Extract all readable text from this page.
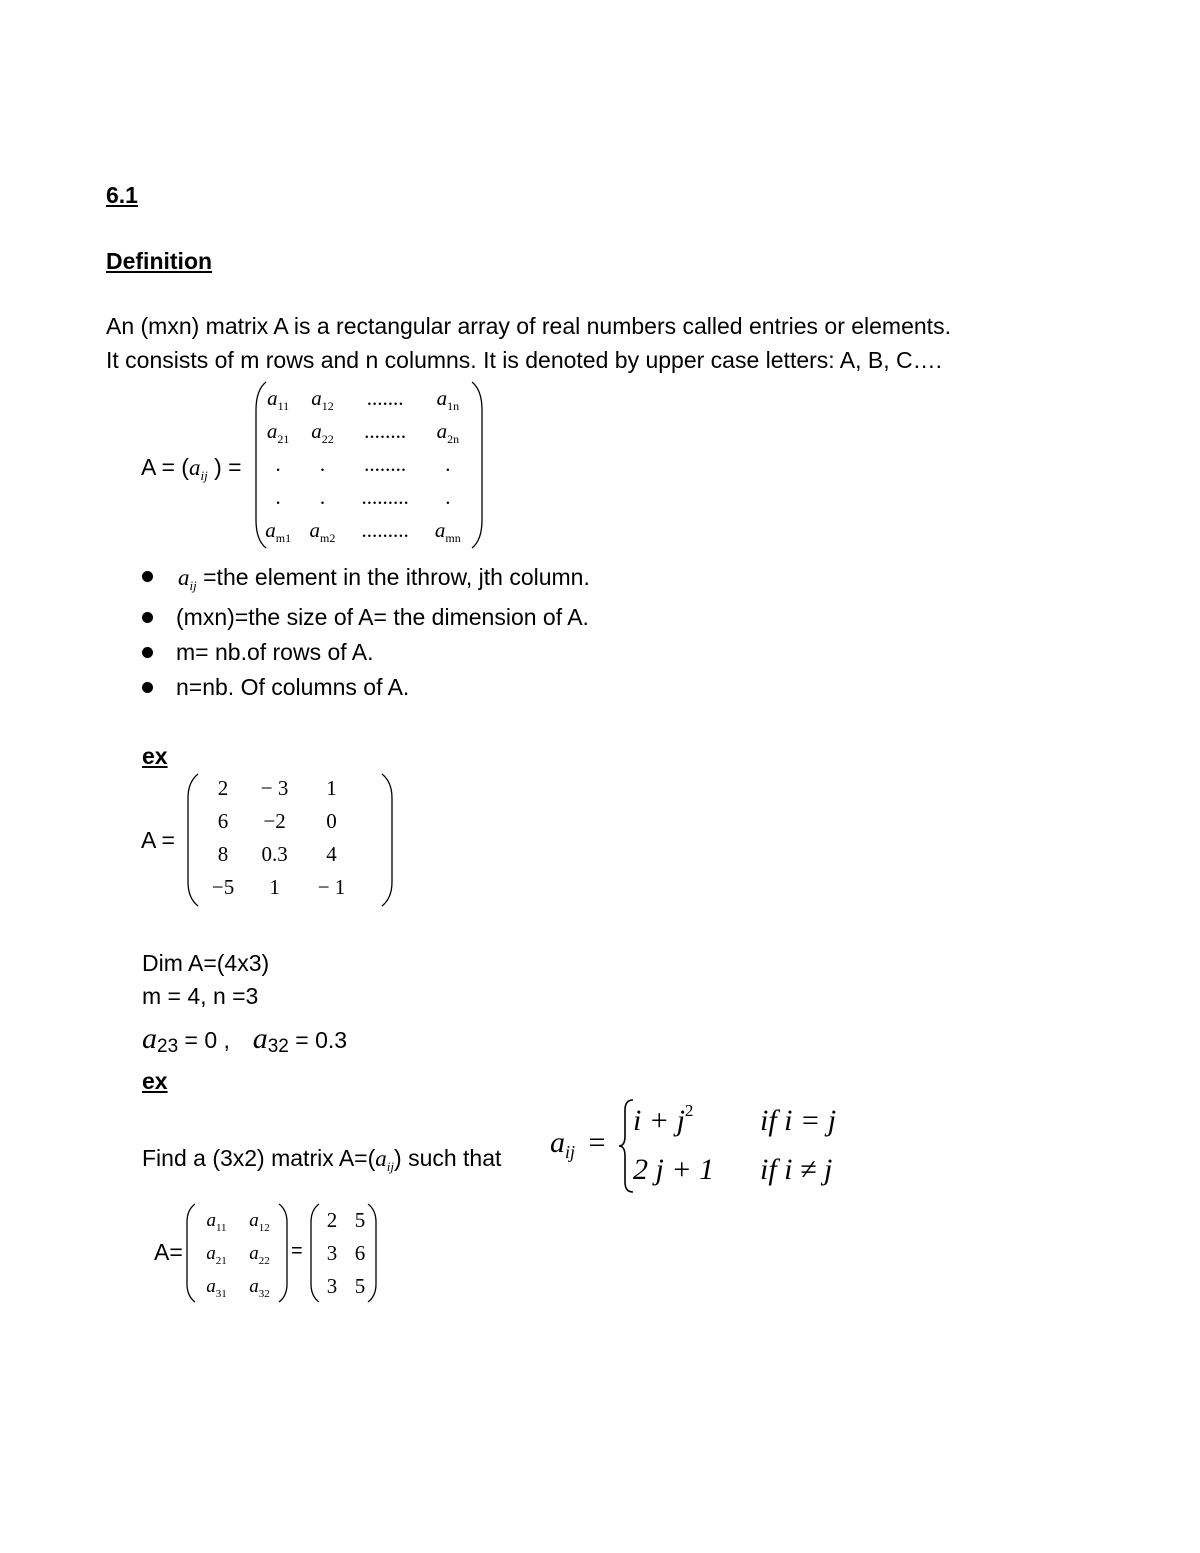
6.1
Definition
An (mxn) matrix A is a rectangular array of real numbers called entries or elements.
It consists of m rows and n columns. It is denoted by upper case letters: A, B, C….
$A = (a_{ij}$ ) =
$a_{11}$	$a_{12}$	.......	$a_{1n}$
$a_{21}$	$a_{22}$	........	$a_{2n}$
.	.	........	.
.	.	.........	.
$a_{m1}$	$a_{m2}$	.........	$a_{mn}$
$a_{ij} =the$ element in the ithrow, jth column.
(mxn)=the size of A= the dimension of A.
m= nb.of rows of A.
n=nb. Of columns of A.
ex
A =
2	− 3	1
6	−2	0
8	0.3	4
−5	1	− 1
Dim A=(4x3)
m = 4, n =3
a23 = 0 , a32 = 0.3
ex
Find a (3x2) matrix $A=(a_{ij})$ such that $a_{ij}$ =
$i + j^2$ if i = j
2 j + 1 if i ≠ j
A=
$a_{11}$	$a_{12}$
$a_{21}$	$a_{22}$
$a_{31}$	$a_{32}$
=
2	5
3	6
3	5
